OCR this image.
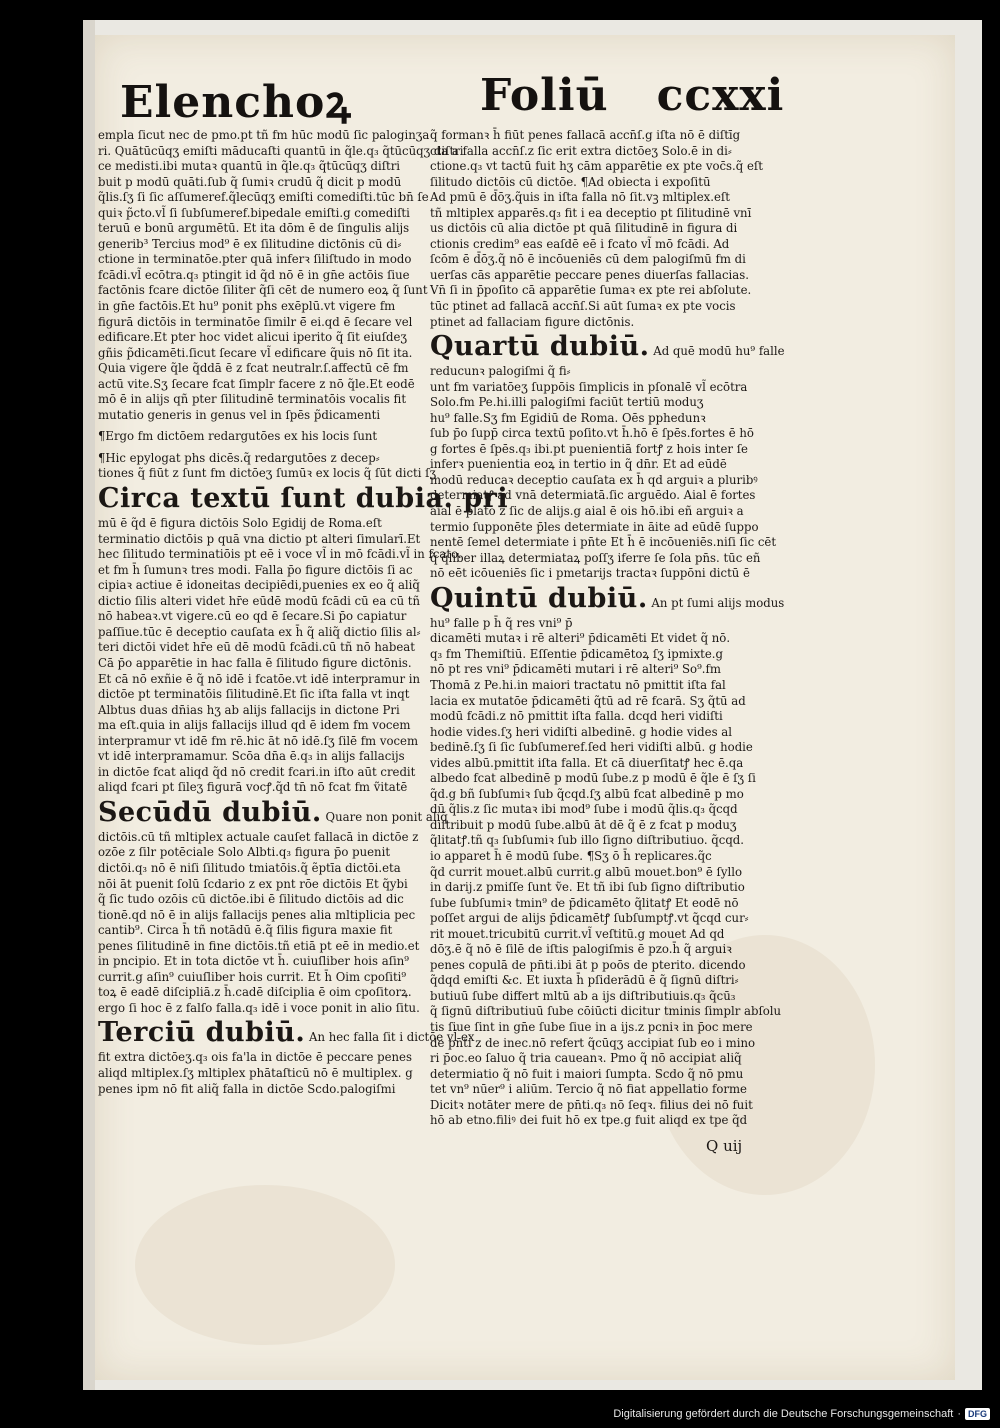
Elenchoꝝ	Foliū ccxxi
empla ſicut nec de pmo.pt tñ fm hūc modū ſic paloginʒa
ri. Quātūcūqʒ emiſti māducaſti quantū in q̃le.q₃ q̃tūcūqʒ diſtri
ce medisti.ibi mutaꝛ quantū in q̃le.q₃ q̃tūcūqʒ diſtri
buit p modū quāti.ſub q̃ ſumiꝛ crudū q̃ dicit p modū
q̃lis.ſʒ ſi ſic aſſumeref.q̃lecūqʒ emiſti comediſti.tūc bn̄ ſe
quiꝛ p̃cto.vl̃ ſi ſubſumeref.bipedale emiſti.g comediſti
teruū e bonū argumētū. Et ita dōm ē de ſingulis alijs
generib³ Tercius mod⁹ ē ex ſilitudine dictōnis cū di⸗
ctione in terminatōe.pter quā inferꝛ ſiliſtudo in modo
fcādi.vl̃ ecōtra.q₃ ptingit id q̃d nō ē in gn̄e actōis ſiue
factōnis fcare dictōe ſiliter q̃ſi cēt de numero eoꝝ q̃ ſunt
in gn̄e factōis.Et hu⁹ ponit phs exēplū.vt vigere fm
figurā dictōis in terminatōe ſimilr ē̄ ei.qd ē ſecare vel
edificare.Et pter hoc videt alicui iperito q̃ ſit eiuſdeʒ
gñis p̃dicamēti.ſicut ſecare vl̃ edificare q̃uis nō ſit ita.
Quia vigere q̃le q̃ddā ē z fcat neutralr.ſ.affectū cē fm
actū vite.Sʒ ſecare fcat ſimplr facere z nō q̃le.Et eodē
mō ē in alijs qñ pter ſilitudinē terminatōis vocalis fit
mutatio generis in genus vel in ſpēs p̃dicamenti
¶Ergo fm dictōem redargutōes ex his locis ſunt
¶Hic epylogat phs dicēs.q̃ redargutōes z decep⸗
tiones q̃ fiūt z ſunt fm dictōeʒ ſumūꝛ ex locis q̃ ſūt dicti ſʒ
Circa textū ſunt dubia. pri
mū ē q̃d ē figura dictōis Solo Egidij de Roma.eſt
terminatio dictōis p quā vna dictio pt alteri ſimularī.Et
hec ſilitudo terminatiōis pt eē i voce vl̃ in mō fcādi.vl̃ in fcato.
et fm h̄ ſumunꝛ tres modi. Falla p̄o figure dictōis ſi ac
cipiaꝛ actiue ē idoneitas decipiēdi,puenies ex eo q̃ aliq̃
dictio ſilis alteri videt hr̄e eūdē modū fcādi cū ea cū tñ
nō habeaꝛ.vt vigere.cū eo qd ē ſecare.Si p̄o capiatur
paſſiue.tūc ē deceptio cauſata ex h̄ q̃ aliq̃ dictio ſilis al⸗
teri dictōi videt hr̄e eū dē modū fcādi.cū tñ nō habeat
Cā p̄o apparētie in hac falla ē ſilitudo figure dictōnis.
Et cā nō exñie ē q̃ nō idē i fcatōe.vt idē interpramur in
dictōe pt terminatōis ſilitudinē.Et ſic iſta falla vt inqt
Albtus duas dn̄ias hʒ ab alijs fallacijs in dictone Pri
ma eſt.quia in alijs fallacijs illud qd ē idem fm vocem
interpramur vt idē fm rē.hic āt nō idē.ſʒ ſilē fm vocem
vt idē interpramamur. Scōa dn̄a ē.q₃ in alijs fallacijs
in dictōe fcat aliqd q̃d nō credit fcari.in iſto aūt credit
aliqd fcari pt ſileʒ figurā vocꝭ.q̃d tn̄ nō fcat fm ṽitatē
Secūdū dubiū. Quare non ponit aliq̃
dictōis.cū tñ mltiplex actuale cauſet fallacā in dictōe z
ozōe z ſilr potēciale Solo Albti.q₃ figura p̄o puenit
dictōi.q₃ nō ē niſi ſilitudo tmiatōis.q̃ ẽptīa dictōi.eta
nōi āt puenit ſolū ſcdario z ex pnt rōe dictōis Et q̃ybi
q̃ ſic tudo ozōis cū dictōe.ibi ē ſilitudo dictōis ad dic
tionē.qd nō ē in alijs fallacijs penes alia mltiplicia pec
cantib⁹. Circa h̄ tñ notādū ē.q̃ ſilis figura maxie fit
penes ſilitudinē in fine dictōis.tñ etiā pt eē in medio.et
in pncipio. Et in tota dictōe vt h̄. cuiuſliber hois aſin⁹
currit.g aſin⁹ cuiuſliber hois currit. Et h̄ Oim cpoſiti⁹
toꝝ ē eadē diſcipliā.z h̄.cadē diſciplia ē oim cpoſitorꝝ.
ergo ſi hoc ē z falſo falla.q₃ idē i voce ponit in alio ſitu.
Terciū dubiū. An hec falla ſit i dictōe vl̃ ex
fit extra dictōeʒ.q₃ ois fa'la in dictōe ē peccare penes
aliqd mltiplex.ſʒ mltiplex phātaſticū nō ē multiplex. g
penes ipm nō fit aliq̃ falla in dictōe Scdo.palogiſmi
q̃ formanꝛ h̄ fiūt penes fallacā accn̄ſ.g iſta nō ē diſtīg
cta a falla accn̄ſ.z ſic erit extra dictōeʒ Solo.ē in di⸗
ctione.q₃ vt tactū fuit hʒ cām apparētie ex pte voc̄s.q̃ eſt
ſilitudo dictōis cū dictōe. ¶Ad obiecta i expoſitū
Ad pmū ē d̄ōʒ.q̃uis in iſta falla nō ſit.vꝫ mltiplex.eſt
tñ mltiplex apparēs.q₃ fit i ea deceptio pt ſilitudinē vnī
us dictōis cū alia dictōe pt quā ſilitudinē in figura di
ctionis credim⁹ eas eaſdē eē i fcato vl̃ mō fcādi. Ad
ſcōm ē d̄ōʒ.q̃ nō ē incōueniēs cū dem palogiſmū fm di
uerſas cās apparētie peccare penes diuerſas fallacias.
Vn̄ ſi in p̄poſito cā apparētie ſumaꝛ ex pte rei abſolute.
tūc ptinet ad fallacā accn̄ſ.Si aūt ſumaꝛ ex pte vocis
ptinet ad fallaciam figure dictōnis.
Quartū dubiū. Ad quē modū hu⁹ falle
reducunꝛ palogiſmi q̃ fi⸗
unt fm variatōeʒ ſuppōis ſimplicis in pſonalē vl̃ ecōtra
Solo.fm Pe.hi.illi palogiſmi faciūt tertiū moduʒ
hu⁹ falle.Sʒ fm Egidiū de Roma. Oēs pphedunꝛ
ſub p̄o ſupp̄ circa textū poſito.vt h̄.hō ē ſpēs.fortes ē hō
g fortes ē ſpēs.q₃ ibi.pt puenientiā fortꝭ z hois inter ſe
inferꝛ puenientia eoꝝ in tertio in q̃ dn̄r. Et ad eūdē
modū reducaꝛ deceptio cauſata ex h̄ qd arguiꝛ a pluribꝰ
determiatꝭ ad vnā determiatā.ſic arguēdo. Aial ē fortes
aial ē plato z ſic de alijs.g aial ē ois hō.ibi eñ arguiꝛ a
termio ſupponēte p̄les determiate in āite ad eūdē ſuppo
nentē ſemel determiate i pn̄te Et h̄ ē incōueniēs.niſi ſic cēt
q̃ q̃liber illaꝝ determiataꝝ poſſʒ iferre ſe ſola pn̄s. tūc eñ
nō eēt icōueniēs ſic i pmetarijs tractaꝛ ſuppōni dictū ē
Quintū dubiū. An pt ſumi alijs modus
hu⁹ falle p h̄ q̃ res vni⁹ p̄
dicamēti mutaꝛ i rē alteri⁹ p̄dicamēti Et videt q̃ nō.
q₃ fm Themiſtiū. Eſſentie p̄dicamētoꝝ ſʒ ipmixte.g
nō pt res vni⁹ p̄dicamēti mutari i rē alteri⁹ So⁹.fm
Thomā z Pe.hi.in maiori tractatu nō pmittit iſta fal
lacia ex mutatōe p̄dicamēti q̃tū ad rē fcarā. Sʒ q̃tū ad
modū fcādi.z nō pmittit iſta falla. dcqd heri vidiſti
hodie vides.ſʒ heri vidiſti albedinē. g hodie vides al
bedinē.ſʒ ſi ſic ſubſumeref.ſed heri vidiſti albū. g hodie
vides albū.pmittit iſta falla. Et cā diuerſitatꝭ hec ē.qa
albedo fcat albedinē p modū ſube.z p modū ē q̃le ē ſʒ ſi
q̃d.g bñ ſubſumiꝛ ſub q̃cqd.ſʒ albū fcat albedinē p mo
dū q̃lis.z ſic mutaꝛ ibi mod⁹ ſube i modū q̃lis.q₃ q̃cqd
diſtribuit p modū ſube.albū āt dē q̃ ē z fcat p moduʒ
q̃litatꝭ.tñ q₃ ſubſumiꝛ ſub illo ſigno diſtributiuo. q̃cqd.
io apparet h̄ ē modū ſube. ¶Sʒ ō h̄ replicares.q̃c
q̃d currit mouet.albū currit.g albū mouet.bon⁹ ē ſyllo
in darij.z pmiſſe ſunt ṽe. Et tñ ibi ſub ſigno diſtributio
ſube ſubſumiꝛ tmin⁹ de p̄dicamēto q̃litatꝭ Et eodē nō
poſſet argui de alijs p̄dicamētꝭ ſubſumptꝭ.vt q̃cqd cur⸗
rit mouet.tricubitū currit.vl̃ veſtitū.g mouet Ad qd
dōʒ.ē q̃ nō ē ſilē de iſtis palogiſmis ē pzo.h̄ q̃ arguiꝛ
penes copulā de pn̄ti.ibi āt p poōs de pterito. dicendo
q̃dqd emiſti &c. Et iuxta h̄ pſiderādū ē q̃ ſignū diſtri⸗
butiuū ſube differt mltū ab a ijs diſtributiuis.q₃ q̃cū₃
q̃ ſignū diſtributiuū ſube cōiūcti dicitur tminis ſimplr abſolu
tis ſiue ſint in gn̄e ſube ſiue in a ijs.z pcniꝛ in p̄oc mere
de pn̄ti z de inec.nō refert q̃cūqʒ accipiat ſub eo i mino
ri p̄oc.eo ſaluo q̃ tria caueanꝛ. Pmo q̃ nō accipiat aliq̃
determiatio q̃ nō fuit i maiori ſumpta. Scdo q̃ nō pmu
tet vn⁹ nūer⁹ i aliūm. Tercio q̃ nō fiat appellatio forme
Dicitꝛ notāter mere de pn̄ti.q₃ nō ſeqꝛ. filius dei nō fuit
hō ab etno.filiꝰ dei fuit hō ex tpe.g fuit aliqd ex tpe q̃d
Q uij
Digitalisierung gefördert durch die Deutsche Forschungsgemeinschaft · DFG
